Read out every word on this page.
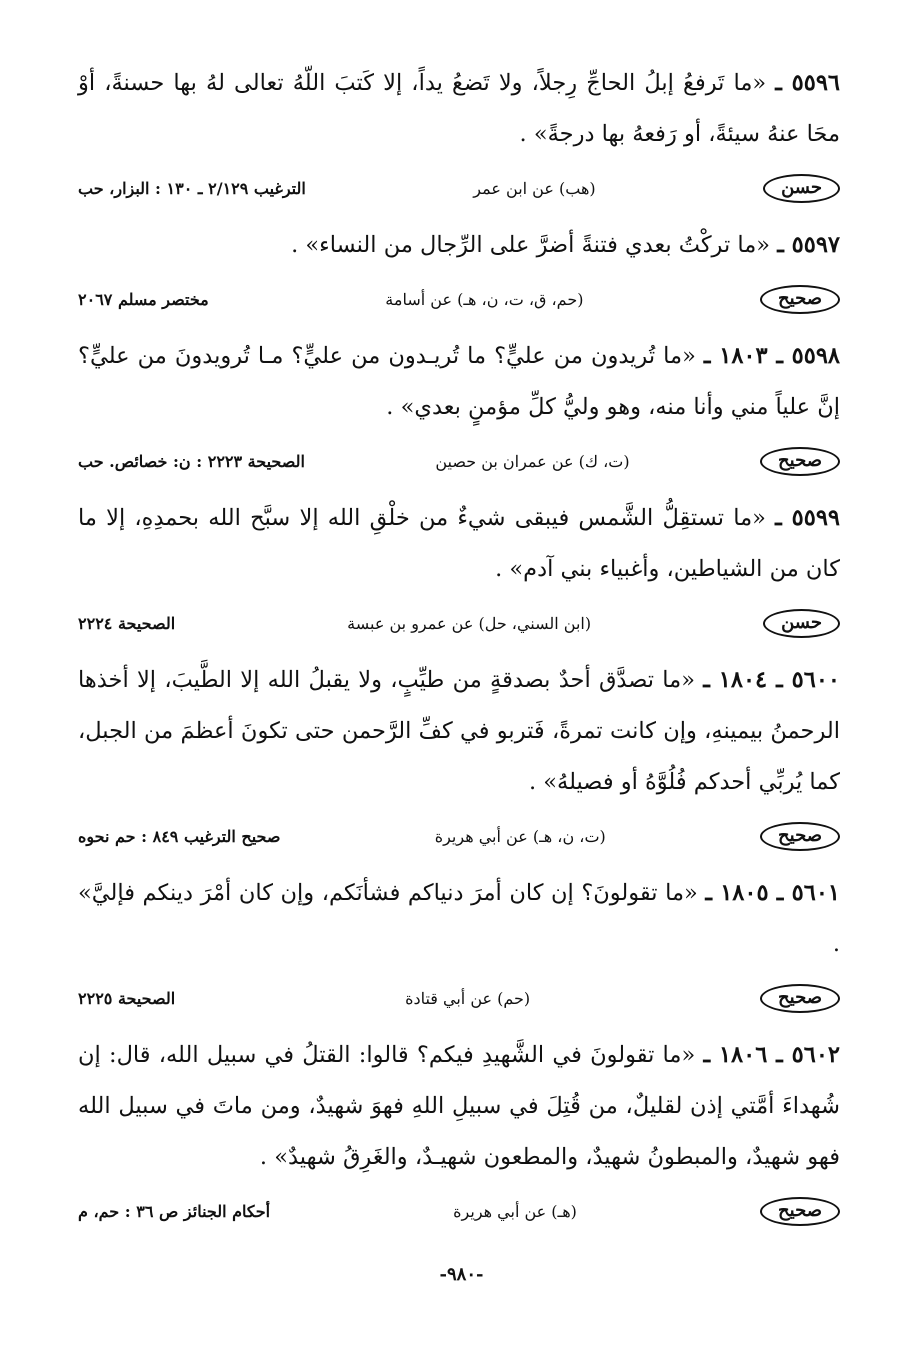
٥٥٩٦ ـ «ما تَرفعُ إبلُ الحاجِّ رِجلاً، ولا تَضعُ يداً، إلا كَتبَ اللّهُ تعالى لهُ بها حسنةً، أوْ محَا عنهُ سيئةً، أو رَفعهُ بها درجةً» .

حسن
(هب) عن ابن عمر
الترغيب ٢/١٢٩ ـ ١٣٠ : البزار، حب

٥٥٩٧ ـ «ما تركْتُ بعدي فتنةً أضرَّ على الرِّجال من النساء» .

صحيح
(حم، ق، ت، ن، هـ) عن أسامة
مختصر مسلم ٢٠٦٧

٥٥٩٨ ـ ١٨٠٣ ـ «ما تُريدون من عليٍّ؟ ما تُريـدون من عليٍّ؟ مـا تُرويدونَ من عليٍّ؟ إنَّ علياً مني وأنا منه، وهو وليُّ كلِّ مؤمنٍ بعدي» .

صحيح
(ت، ك) عن عمران بن حصين
الصحيحة ٢٢٢٣ : ن: خصائص. حب

٥٥٩٩ ـ «ما تستقِلُّ الشَّمس فيبقى شيءٌ من خلْقِ الله إلا سبَّح الله بحمدِهِ، إلا ما كان من الشياطين، وأغبياء بني آدم» .

حسن
(ابن السني، حل) عن عمرو بن عبسة
الصحيحة ٢٢٢٤

٥٦٠٠ ـ ١٨٠٤ ـ «ما تصدَّق أحدٌ بصدقةٍ من طيِّبٍ، ولا يقبلُ الله إلا الطَّيبَ، إلا أخذها الرحمنُ بيمينهِ، وإن كانت تمرةً، فَتربو في كفِّ الرَّحمن حتى تكونَ أعظمَ من الجبل، كما يُربِّي أحدكم فُلُوَّهُ أو فصيلهُ» .

صحيح
(ت، ن، هـ) عن أبي هريرة
صحيح الترغيب ٨٤٩ : حم نحوه

٥٦٠١ ـ ١٨٠٥ ـ «ما تقولونَ؟ إن كان أمرَ دنياكم فشأنَكم، وإن كان أمْرَ دينكم فإليَّ» .

صحيح
(حم) عن أبي قتادة
الصحيحة ٢٢٢٥

٥٦٠٢ ـ ١٨٠٦ ـ «ما تقولونَ في الشَّهيدِ فيكم؟ قالوا: القتلُ في سبيل الله، قال: إن شُهداءَ أمَّتي إذن لقليلٌ، من قُتِلَ في سبيلِ اللهِ فهوَ شهيدٌ، ومن ماتَ في سبيل الله فهو شهيدٌ، والمبطونُ شهيدٌ، والمطعون شهيـدٌ، والغَرِقُ شهيدٌ» .

صحيح
(هـ) عن أبي هريرة
أحكام الجنائز ص ٣٦ : حم، م
-٩٨٠-
